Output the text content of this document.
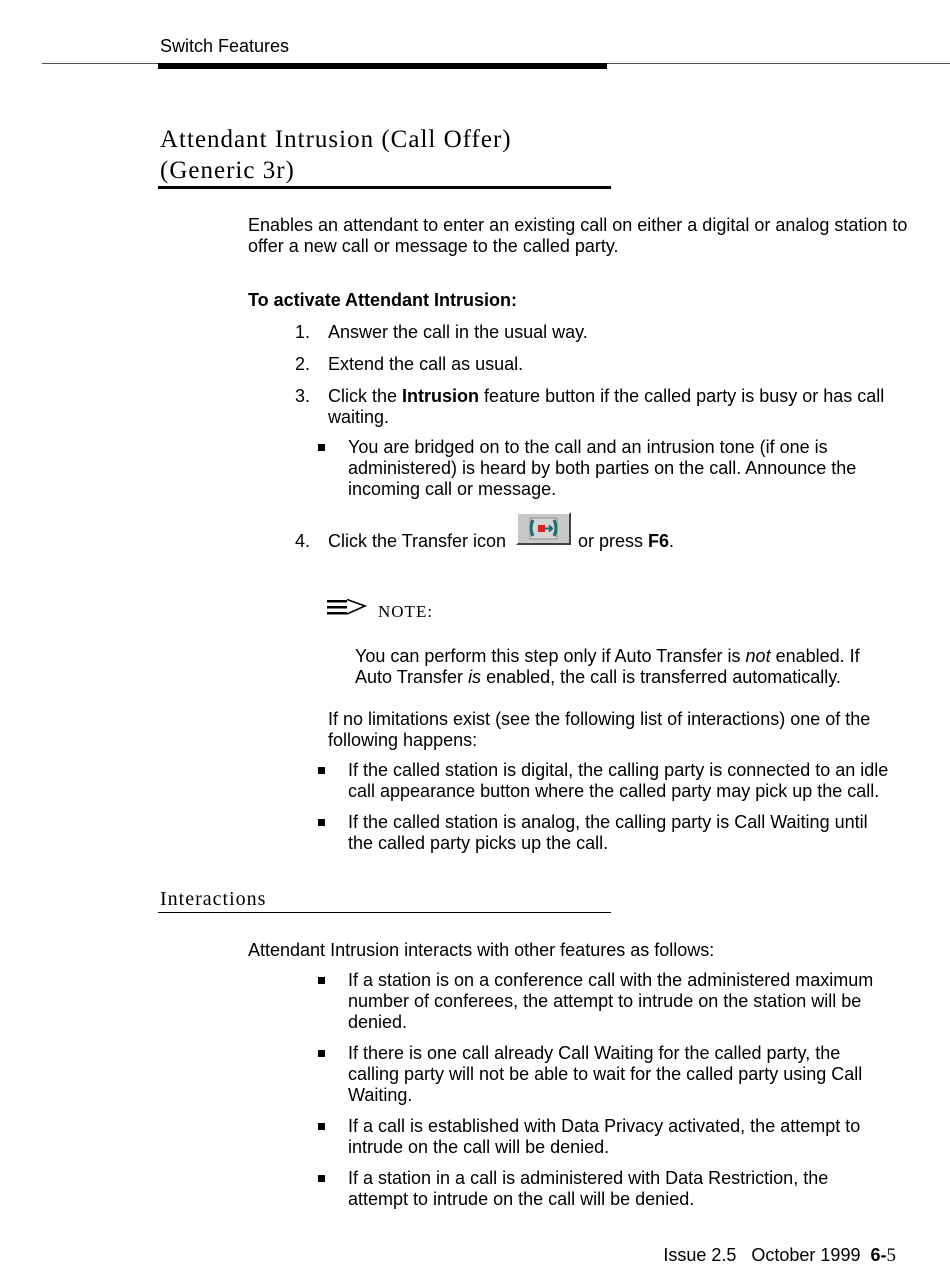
Switch Features
Attendant Intrusion (Call Offer)
(Generic 3r)

Enables an attendant to enter an existing call on either a digital or analog station to offer a new call or message to the called party.

To activate Attendant Intrusion:
1. Answer the call in the usual way.
2. Extend the call as usual.
3. Click the Intrusion feature button if the called party is busy or has call waiting.
You are bridged on to the call and an intrusion tone (if one is administered) is heard by both parties on the call. Announce the incoming call or message.
4. Click the Transfer icon	or press F6.
NOTE:
You can perform this step only if Auto Transfer is not enabled. If Auto Transfer is enabled, the call is transferred automatically.
If no limitations exist (see the following list of interactions) one of the following happens:
If the called station is digital, the calling party is connected to an idle call appearance button where the called party may pick up the call.
If the called station is analog, the calling party is Call Waiting until the called party picks up the call.
Interactions
Attendant Intrusion interacts with other features as follows:
If a station is on a conference call with the administered maximum number of conferees, the attempt to intrude on the station will be denied.
If there is one call already Call Waiting for the called party, the calling party will not be able to wait for the called party using Call Waiting.
If a call is established with Data Privacy activated, the attempt to intrude on the call will be denied.
If a station in a call is administered with Data Restriction, the attempt to intrude on the call will be denied.
Issue 2.5 October 1999 6-5
